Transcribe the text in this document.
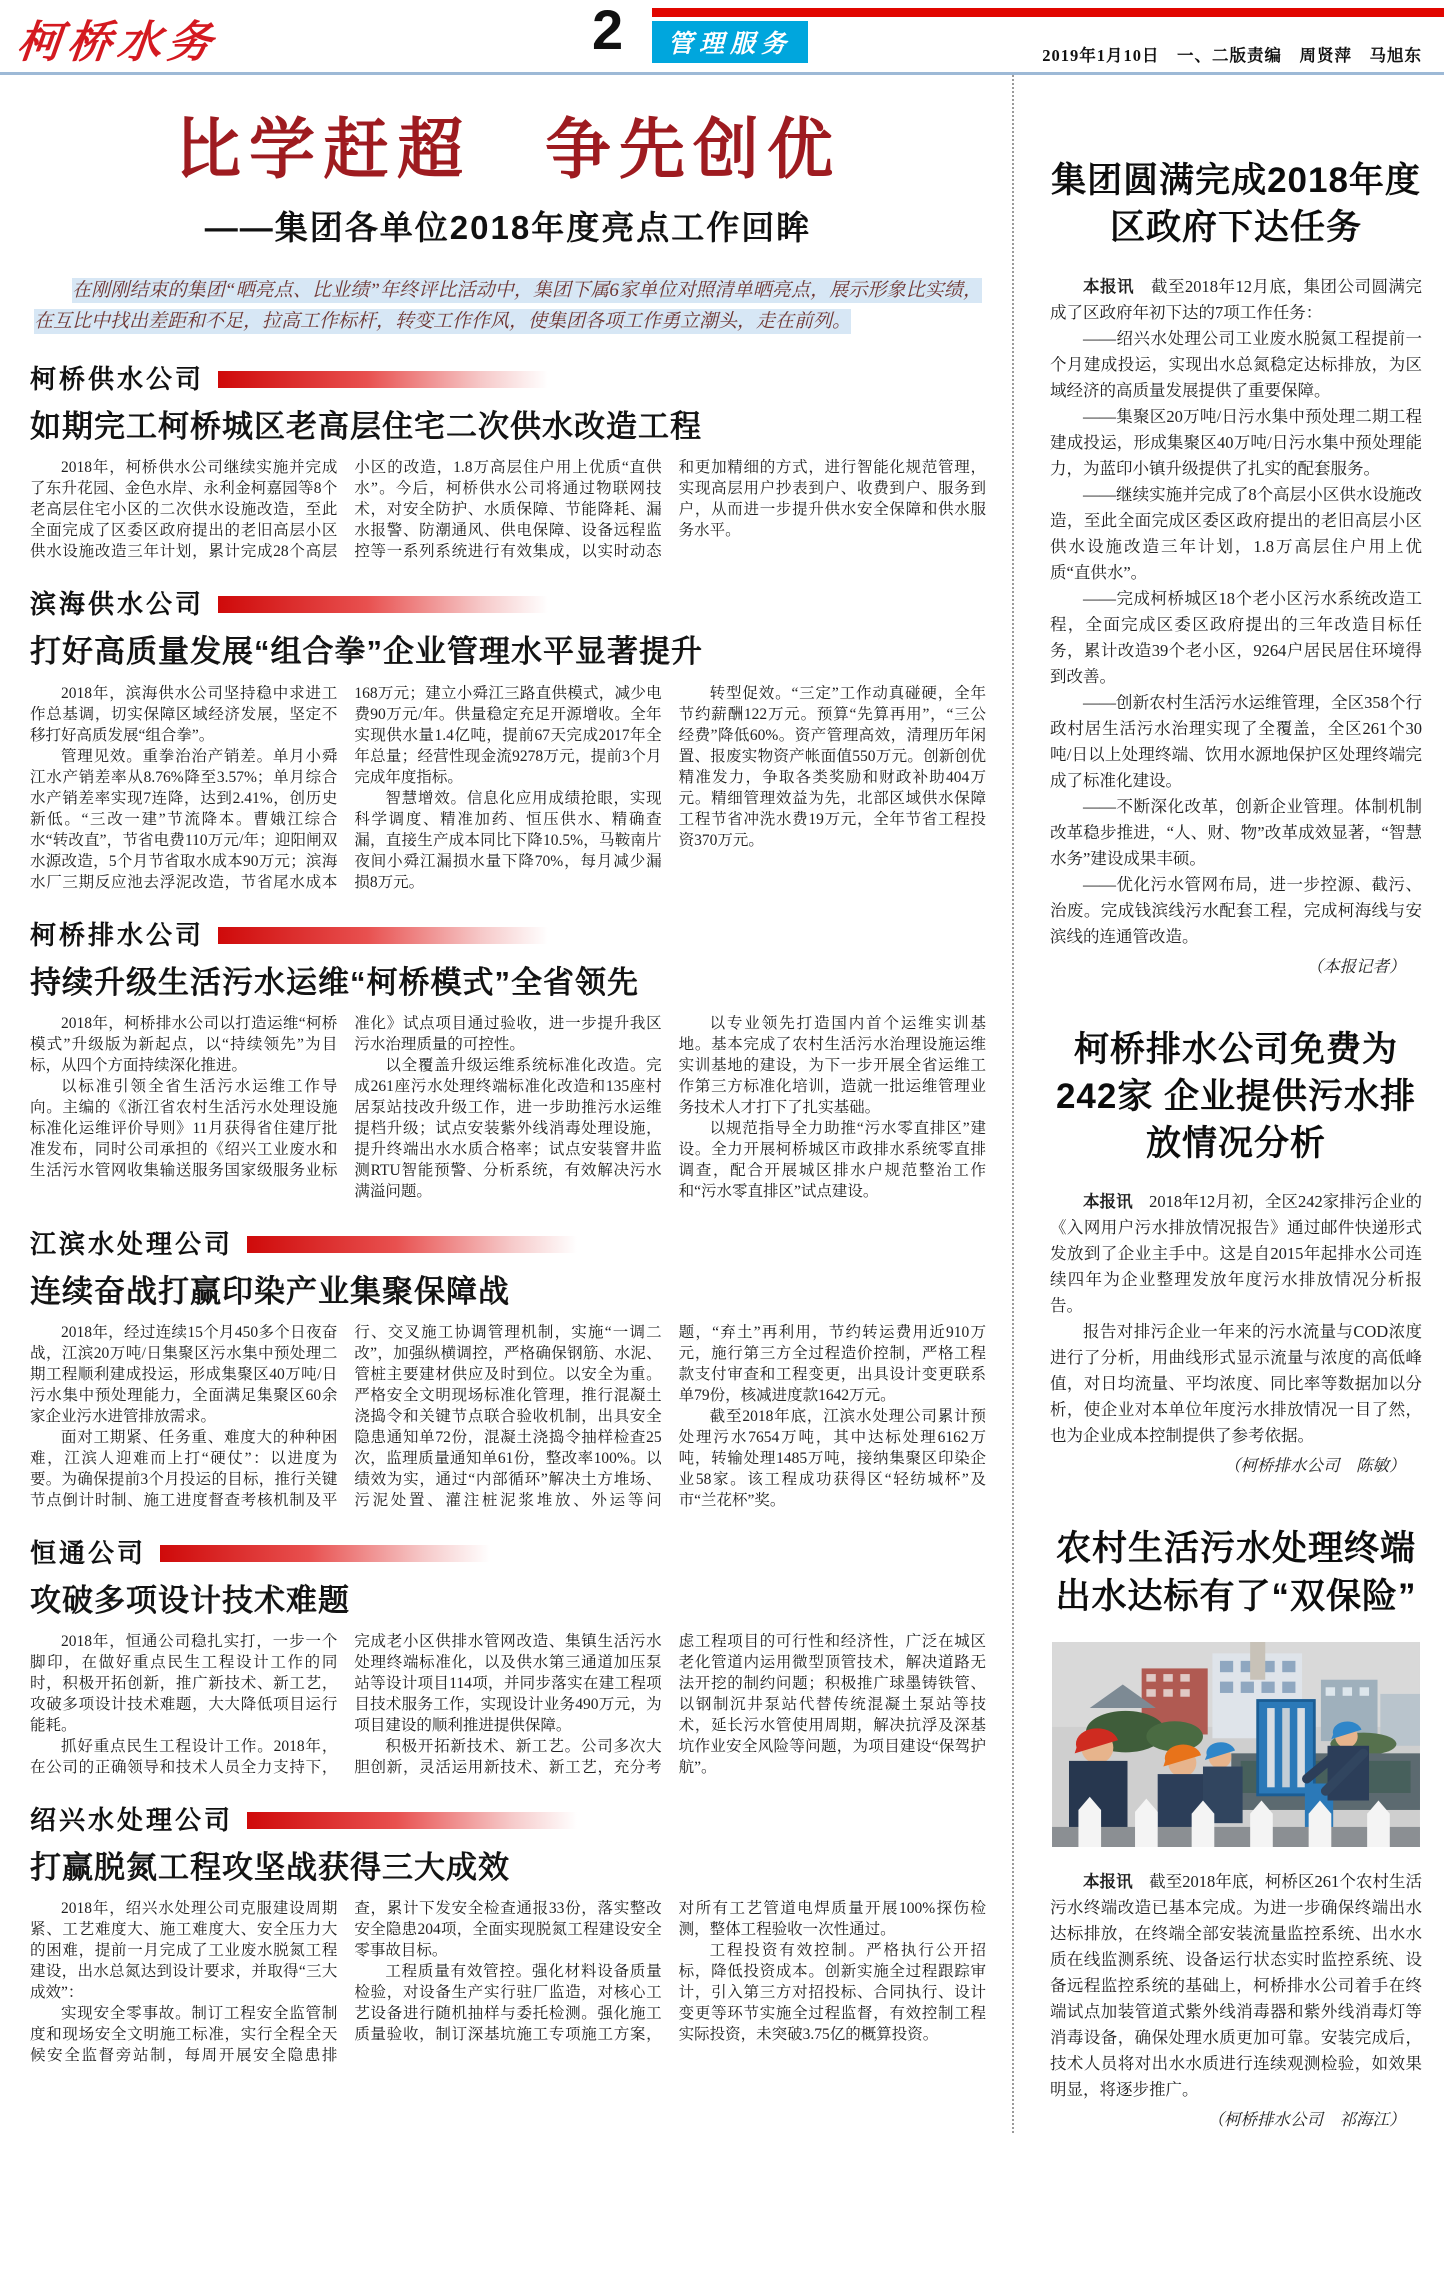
柯桥水务	2	管理服务	2019年1月10日　一、二版责编　周贤萍　马旭东
比学赶超　争先创优
——集团各单位2018年度亮点工作回眸

在刚刚结束的集团“晒亮点、比业绩”年终评比活动中，集团下属6家单位对照清单晒亮点，展示形象比实绩，在互比中找出差距和不足，拉高工作标杆，转变工作作风，使集团各项工作勇立潮头，走在前列。

柯桥供水公司
如期完工柯桥城区老高层住宅二次供水改造工程

2018年，柯桥供水公司继续实施并完成了东升花园、金色水岸、永利金柯嘉园等8个老高层住宅小区的二次供水设施改造，至此全面完成了区委区政府提出的老旧高层小区供水设施改造三年计划，累计完成28个高层小区的改造，1.8万高层住户用上优质“直供水”。今后，柯桥供水公司将通过物联网技术，对安全防护、水质保障、节能降耗、漏水报警、防潮通风、供电保障、设备远程监控等一系列系统进行有效集成，以实时动态和更加精细的方式，进行智能化规范管理，实现高层用户抄表到户、收费到户、服务到户，从而进一步提升供水安全保障和供水服务水平。

滨海供水公司
打好高质量发展“组合拳”企业管理水平显著提升

2018年，滨海供水公司坚持稳中求进工作总基调，切实保障区域经济发展，坚定不移打好高质发展“组合拳”。

管理见效。重拳治治产销差。单月小舜江水产销差率从8.76%降至3.57%；单月综合水产销差率实现7连降，达到2.41%，创历史新低。“三改一建”节流降本。曹娥江综合水“转改直”，节省电费110万元/年；迎阳闸双水源改造，5个月节省取水成本90万元；滨海水厂三期反应池去浮泥改造，节省尾水成本168万元；建立小舜江三路直供模式，减少电费90万元/年。供量稳定充足开源增收。全年实现供水量1.4亿吨，提前67天完成2017年全年总量；经营性现金流9278万元，提前3个月完成年度指标。

智慧增效。信息化应用成绩抢眼，实现科学调度、精准加药、恒压供水、精确查漏，直接生产成本同比下降10.5%，马鞍南片夜间小舜江漏损水量下降70%，每月减少漏损8万元。

转型促效。“三定”工作动真碰硬，全年节约薪酬122万元。预算“先算再用”，“三公经费”降低60%。资产管理高效，清理历年闲置、报废实物资产帐面值550万元。创新创优精准发力，争取各类奖励和财政补助404万元。精细管理效益为先，北部区域供水保障工程节省冲洗水费19万元，全年节省工程投资370万元。

柯桥排水公司
持续升级生活污水运维“柯桥模式”全省领先

2018年，柯桥排水公司以打造运维“柯桥模式”升级版为新起点，以“持续领先”为目标，从四个方面持续深化推进。

以标准引领全省生活污水运维工作导向。主编的《浙江省农村生活污水处理设施标准化运维评价导则》11月获得省住建厅批准发布，同时公司承担的《绍兴工业废水和生活污水管网收集输送服务国家级服务业标准化》试点项目通过验收，进一步提升我区污水治理质量的可控性。

以全覆盖升级运维系统标准化改造。完成261座污水处理终端标准化改造和135座村居泵站技改升级工作，进一步助推污水运维提档升级；试点安装紫外线消毒处理设施，提升终端出水水质合格率；试点安装窨井监测RTU智能预警、分析系统，有效解决污水满溢问题。

以专业领先打造国内首个运维实训基地。基本完成了农村生活污水治理设施运维实训基地的建设，为下一步开展全省运维工作第三方标准化培训，造就一批运维管理业务技术人才打下了扎实基础。

以规范指导全力助推“污水零直排区”建设。全力开展柯桥城区市政排水系统零直排调查，配合开展城区排水户规范整治工作和“污水零直排区”试点建设。

江滨水处理公司
连续奋战打赢印染产业集聚保障战

2018年，经过连续15个月450多个日夜奋战，江滨20万吨/日集聚区污水集中预处理二期工程顺利建成投运，形成集聚区40万吨/日污水集中预处理能力，全面满足集聚区60余家企业污水进管排放需求。

面对工期紧、任务重、难度大的种种困难，江滨人迎难而上打“硬仗”：以进度为要。为确保提前3个月投运的目标，推行关键节点倒计时制、施工进度督查考核机制及平行、交叉施工协调管理机制，实施“一调二改”，加强纵横调控，严格确保钢筋、水泥、管桩主要建材供应及时到位。以安全为重。严格安全文明现场标准化管理，推行混凝土浇捣令和关键节点联合验收机制，出具安全隐患通知单72份，混凝土浇捣令抽样检查25次，监理质量通知单61份，整改率100%。以绩效为实，通过“内部循环”解决土方堆场、污泥处置、灌注桩泥浆堆放、外运等问题，“弃土”再利用，节约转运费用近910万元，施行第三方全过程造价控制，严格工程款支付审查和工程变更，出具设计变更联系单79份，核减进度款1642万元。

截至2018年底，江滨水处理公司累计预处理污水7654万吨，其中达标处理6162万吨，转输处理1485万吨，接纳集聚区印染企业58家。该工程成功获得区“轻纺城杯”及市“兰花杯”奖。

恒通公司
攻破多项设计技术难题

2018年，恒通公司稳扎实打，一步一个脚印，在做好重点民生工程设计工作的同时，积极开拓创新，推广新技术、新工艺，攻破多项设计技术难题，大大降低项目运行能耗。

抓好重点民生工程设计工作。2018年，在公司的正确领导和技术人员全力支持下，完成老小区供排水管网改造、集镇生活污水处理终端标准化，以及供水第三通道加压泵站等设计项目114项，并同步落实在建工程项目技术服务工作，实现设计业务490万元，为项目建设的顺利推进提供保障。

积极开拓新技术、新工艺。公司多次大胆创新，灵活运用新技术、新工艺，充分考虑工程项目的可行性和经济性，广泛在城区老化管道内运用微型顶管技术，解决道路无法开挖的制约问题；积极推广球墨铸铁管、以钢制沉井泵站代替传统混凝土泵站等技术，延长污水管使用周期，解决抗浮及深基坑作业安全风险等问题，为项目建设“保驾护航”。

绍兴水处理公司
打赢脱氮工程攻坚战获得三大成效

2018年，绍兴水处理公司克服建设周期紧、工艺难度大、施工难度大、安全压力大的困难，提前一月完成了工业废水脱氮工程建设，出水总氮达到设计要求，并取得“三大成效”：

实现安全零事故。制订工程安全监管制度和现场安全文明施工标准，实行全程全天候安全监督旁站制，每周开展安全隐患排查，累计下发安全检查通报33份，落实整改安全隐患204项，全面实现脱氮工程建设安全零事故目标。

工程质量有效管控。强化材料设备质量检验，对设备生产实行驻厂监造，对核心工艺设备进行随机抽样与委托检测。强化施工质量验收，制订深基坑施工专项施工方案，对所有工艺管道电焊质量开展100%探伤检测，整体工程验收一次性通过。

工程投资有效控制。严格执行公开招标，降低投资成本。创新实施全过程跟踪审计，引入第三方对招投标、合同执行、设计变更等环节实施全过程监督，有效控制工程实际投资，未突破3.75亿的概算投资。

集团圆满完成2018年度 区政府下达任务

本报讯　截至2018年12月底，集团公司圆满完成了区政府年初下达的7项工作任务：

——绍兴水处理公司工业废水脱氮工程提前一个月建成投运，实现出水总氮稳定达标排放，为区域经济的高质量发展提供了重要保障。

——集聚区20万吨/日污水集中预处理二期工程建成投运，形成集聚区40万吨/日污水集中预处理能力，为蓝印小镇升级提供了扎实的配套服务。

——继续实施并完成了8个高层小区供水设施改造，至此全面完成区委区政府提出的老旧高层小区供水设施改造三年计划，1.8万高层住户用上优质“直供水”。

——完成柯桥城区18个老小区污水系统改造工程，全面完成区委区政府提出的三年改造目标任务，累计改造39个老小区，9264户居民居住环境得到改善。

——创新农村生活污水运维管理，全区358个行政村居生活污水治理实现了全覆盖，全区261个30吨/日以上处理终端、饮用水源地保护区处理终端完成了标准化建设。

——不断深化改革，创新企业管理。体制机制改革稳步推进，“人、财、物”改革成效显著，“智慧水务”建设成果丰硕。

——优化污水管网布局，进一步控源、截污、治废。完成钱滨线污水配套工程，完成柯海线与安滨线的连通管改造。

（本报记者）

柯桥排水公司免费为242家 企业提供污水排放情况分析

本报讯　2018年12月初，全区242家排污企业的《入网用户污水排放情况报告》通过邮件快递形式发放到了企业主手中。这是自2015年起排水公司连续四年为企业整理发放年度污水排放情况分析报告。

报告对排污企业一年来的污水流量与COD浓度进行了分析，用曲线形式显示流量与浓度的高低峰值，对日均流量、平均浓度、同比率等数据加以分析，使企业对本单位年度污水排放情况一目了然，也为企业成本控制提供了参考依据。

（柯桥排水公司　陈敏）

农村生活污水处理终端 出水达标有了“双保险”

本报讯　截至2018年底，柯桥区261个农村生活污水终端改造已基本完成。为进一步确保终端出水达标排放，在终端全部安装流量监控系统、出水水质在线监测系统、设备运行状态实时监控系统、设备远程监控系统的基础上，柯桥排水公司着手在终端试点加装管道式紫外线消毒器和紫外线消毒灯等消毒设备，确保处理水质更加可靠。安装完成后，技术人员将对出水水质进行连续观测检验，如效果明显，将逐步推广。

（柯桥排水公司　祁海江）
